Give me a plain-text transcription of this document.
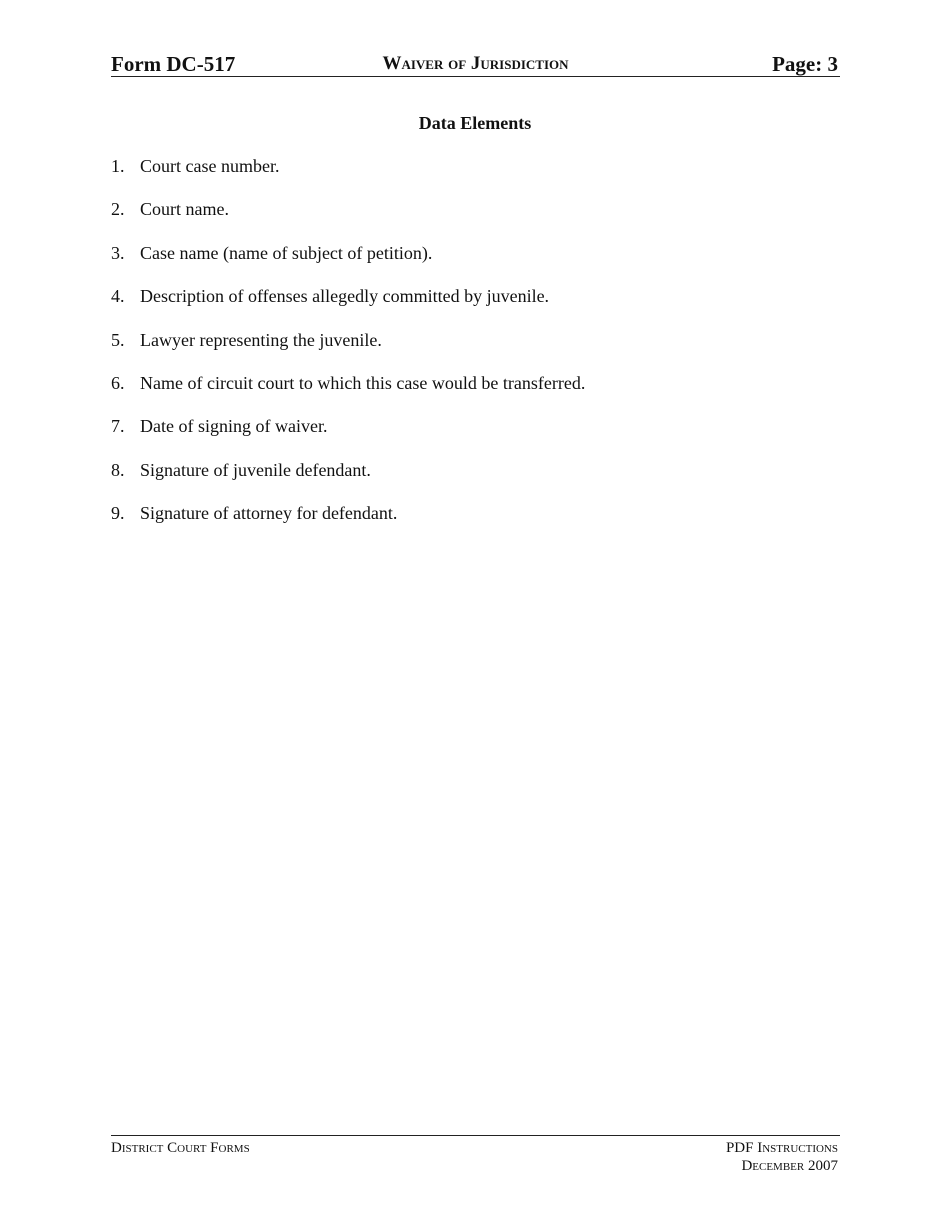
Form DC-517	Waiver of Jurisdiction	Page: 3
Data Elements
1. Court case number.
2. Court name.
3. Case name (name of subject of petition).
4. Description of offenses allegedly committed by juvenile.
5. Lawyer representing the juvenile.
6. Name of circuit court to which this case would be transferred.
7. Date of signing of waiver.
8. Signature of juvenile defendant.
9. Signature of attorney for defendant.
District Court Forms	PDF Instructions
December 2007
